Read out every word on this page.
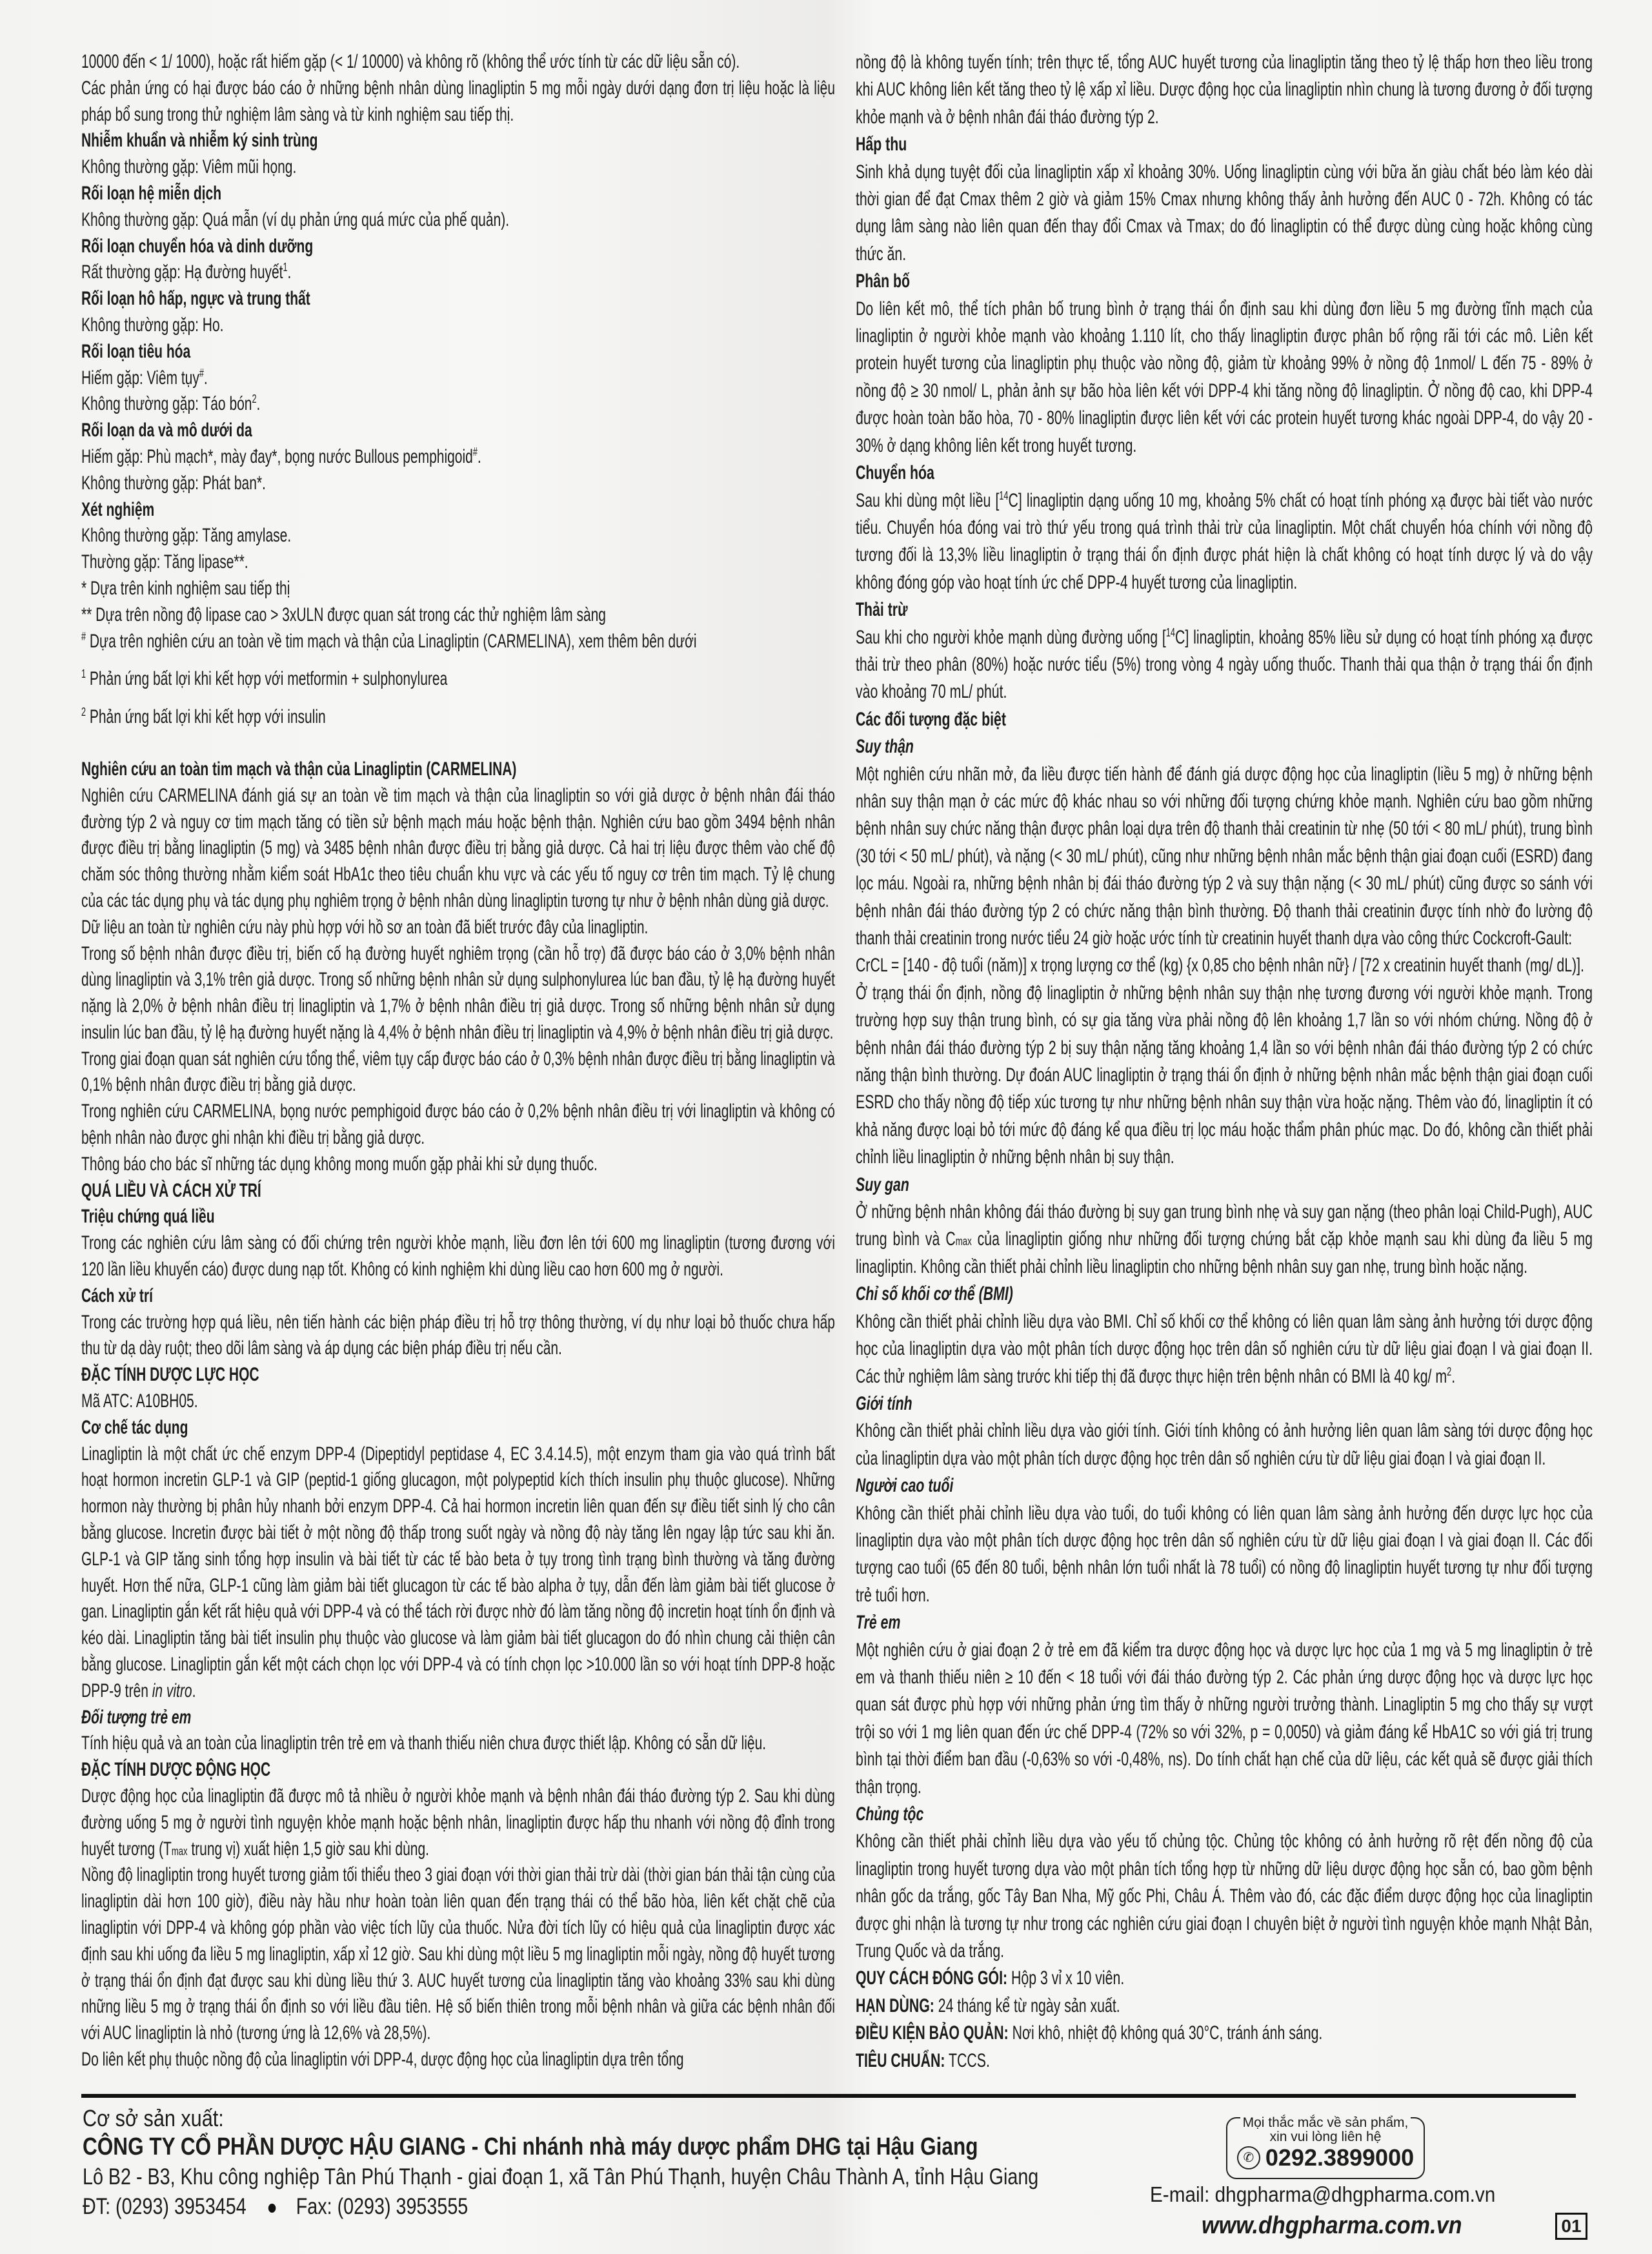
10000 đến < 1/ 1000), hoặc rất hiếm gặp (< 1/ 10000) và không rõ (không thể ước tính từ các dữ liệu sẵn có).

Các phản ứng có hại được báo cáo ở những bệnh nhân dùng linagliptin 5 mg mỗi ngày dưới dạng đơn trị liệu hoặc là liệu pháp bổ sung trong thử nghiệm lâm sàng và từ kinh nghiệm sau tiếp thị.

Nhiễm khuẩn và nhiễm ký sinh trùng

Không thường gặp: Viêm mũi họng.

Rối loạn hệ miễn dịch

Không thường gặp: Quá mẫn (ví dụ phản ứng quá mức của phế quản).

Rối loạn chuyển hóa và dinh dưỡng

Rất thường gặp: Hạ đường huyết$^1$.

Rối loạn hô hấp, ngực và trung thất

Không thường gặp: Ho.

Rối loạn tiêu hóa

Hiếm gặp: Viêm tụy#.

Không thường gặp: Táo bón$^2$.

Rối loạn da và mô dưới da

Hiếm gặp: Phù mạch*, mày đay*, bọng nước Bullous pemphigoid#.

Không thường gặp: Phát ban*.

Xét nghiệm

Không thường gặp: Tăng amylase.

Thường gặp: Tăng lipase**.

* Dựa trên kinh nghiệm sau tiếp thị

** Dựa trên nồng độ lipase cao > 3xULN được quan sát trong các thử nghiệm lâm sàng

# Dựa trên nghiên cứu an toàn về tim mạch và thận của Linagliptin (CARMELINA), xem thêm bên dưới

$^1$ Phản ứng bất lợi khi kết hợp với metformin + sulphonylurea

$^2$ Phản ứng bất lợi khi kết hợp với insulin

Nghiên cứu an toàn tim mạch và thận của Linagliptin (CARMELINA)

Nghiên cứu CARMELINA đánh giá sự an toàn về tim mạch và thận của linagliptin so với giả dược ở bệnh nhân đái tháo đường týp 2 và nguy cơ tim mạch tăng có tiền sử bệnh mạch máu hoặc bệnh thận. Nghiên cứu bao gồm 3494 bệnh nhân được điều trị bằng linagliptin (5 mg) và 3485 bệnh nhân được điều trị bằng giả dược. Cả hai trị liệu được thêm vào chế độ chăm sóc thông thường nhằm kiểm soát HbA1c theo tiêu chuẩn khu vực và các yếu tố nguy cơ trên tim mạch. Tỷ lệ chung của các tác dụng phụ và tác dụng phụ nghiêm trọng ở bệnh nhân dùng linagliptin tương tự như ở bệnh nhân dùng giả dược.

Dữ liệu an toàn từ nghiên cứu này phù hợp với hồ sơ an toàn đã biết trước đây của linagliptin.

Trong số bệnh nhân được điều trị, biến cố hạ đường huyết nghiêm trọng (cần hỗ trợ) đã được báo cáo ở 3,0% bệnh nhân dùng linagliptin và 3,1% trên giả dược. Trong số những bệnh nhân sử dụng sulphonylurea lúc ban đầu, tỷ lệ hạ đường huyết nặng là 2,0% ở bệnh nhân điều trị linagliptin và 1,7% ở bệnh nhân điều trị giả dược. Trong số những bệnh nhân sử dụng insulin lúc ban đầu, tỷ lệ hạ đường huyết nặng là 4,4% ở bệnh nhân điều trị linagliptin và 4,9% ở bệnh nhân điều trị giả dược.

Trong giai đoạn quan sát nghiên cứu tổng thể, viêm tụy cấp được báo cáo ở 0,3% bệnh nhân được điều trị bằng linagliptin và 0,1% bệnh nhân được điều trị bằng giả dược.

Trong nghiên cứu CARMELINA, bọng nước pemphigoid được báo cáo ở 0,2% bệnh nhân điều trị với linagliptin và không có bệnh nhân nào được ghi nhận khi điều trị bằng giả dược.

Thông báo cho bác sĩ những tác dụng không mong muốn gặp phải khi sử dụng thuốc.

QUÁ LIỀU VÀ CÁCH XỬ TRÍ

Triệu chứng quá liều

Trong các nghiên cứu lâm sàng có đối chứng trên người khỏe mạnh, liều đơn lên tới 600 mg linagliptin (tương đương với 120 lần liều khuyến cáo) được dung nạp tốt. Không có kinh nghiệm khi dùng liều cao hơn 600 mg ở người.

Cách xử trí

Trong các trường hợp quá liều, nên tiến hành các biện pháp điều trị hỗ trợ thông thường, ví dụ như loại bỏ thuốc chưa hấp thu từ dạ dày ruột; theo dõi lâm sàng và áp dụng các biện pháp điều trị nếu cần.

ĐẶC TÍNH DƯỢC LỰC HỌC

Mã ATC: A10BH05.

Cơ chế tác dụng

Linagliptin là một chất ức chế enzym DPP-4 (Dipeptidyl peptidase 4, EC 3.4.14.5), một enzym tham gia vào quá trình bất hoạt hormon incretin GLP-1 và GIP (peptid-1 giống glucagon, một polypeptid kích thích insulin phụ thuộc glucose). Những hormon này thường bị phân hủy nhanh bởi enzym DPP-4. Cả hai hormon incretin liên quan đến sự điều tiết sinh lý cho cân bằng glucose. Incretin được bài tiết ở một nồng độ thấp trong suốt ngày và nồng độ này tăng lên ngay lập tức sau khi ăn. GLP-1 và GIP tăng sinh tổng hợp insulin và bài tiết từ các tế bào beta ở tụy trong tình trạng bình thường và tăng đường huyết. Hơn thế nữa, GLP-1 cũng làm giảm bài tiết glucagon từ các tế bào alpha ở tụy, dẫn đến làm giảm bài tiết glucose ở gan. Linagliptin gắn kết rất hiệu quả với DPP-4 và có thể tách rời được nhờ đó làm tăng nồng độ incretin hoạt tính ổn định và kéo dài. Linagliptin tăng bài tiết insulin phụ thuộc vào glucose và làm giảm bài tiết glucagon do đó nhìn chung cải thiện cân bằng glucose. Linagliptin gắn kết một cách chọn lọc với DPP-4 và có tính chọn lọc >10.000 lần so với hoạt tính DPP-8 hoặc DPP-9 trên in vitro.

Đối tượng trẻ em

Tính hiệu quả và an toàn của linagliptin trên trẻ em và thanh thiếu niên chưa được thiết lập. Không có sẵn dữ liệu.

ĐẶC TÍNH DƯỢC ĐỘNG HỌC

Dược động học của linagliptin đã được mô tả nhiều ở người khỏe mạnh và bệnh nhân đái tháo đường týp 2. Sau khi dùng đường uống 5 mg ở người tình nguyện khỏe mạnh hoặc bệnh nhân, linagliptin được hấp thu nhanh với nồng độ đỉnh trong huyết tương (Tmax trung vị) xuất hiện 1,5 giờ sau khi dùng.

Nồng độ linagliptin trong huyết tương giảm tối thiểu theo 3 giai đoạn với thời gian thải trừ dài (thời gian bán thải tận cùng của linagliptin dài hơn 100 giờ), điều này hầu như hoàn toàn liên quan đến trạng thái có thể bão hòa, liên kết chặt chẽ của linagliptin với DPP-4 và không góp phần vào việc tích lũy của thuốc. Nửa đời tích lũy có hiệu quả của linagliptin được xác định sau khi uống đa liều 5 mg linagliptin, xấp xỉ 12 giờ. Sau khi dùng một liều 5 mg linagliptin mỗi ngày, nồng độ huyết tương ở trạng thái ổn định đạt được sau khi dùng liều thứ 3. AUC huyết tương của linagliptin tăng vào khoảng 33% sau khi dùng những liều 5 mg ở trạng thái ổn định so với liều đầu tiên. Hệ số biến thiên trong mỗi bệnh nhân và giữa các bệnh nhân đối với AUC linagliptin là nhỏ (tương ứng là 12,6% và 28,5%).

Do liên kết phụ thuộc nồng độ của linagliptin với DPP-4, dược động học của linagliptin dựa trên tổng

nồng độ là không tuyến tính; trên thực tế, tổng AUC huyết tương của linagliptin tăng theo tỷ lệ thấp hơn theo liều trong khi AUC không liên kết tăng theo tỷ lệ xấp xỉ liều. Dược động học của linagliptin nhìn chung là tương đương ở đối tượng khỏe mạnh và ở bệnh nhân đái tháo đường týp 2.

Hấp thu

Sinh khả dụng tuyệt đối của linagliptin xấp xỉ khoảng 30%. Uống linagliptin cùng với bữa ăn giàu chất béo làm kéo dài thời gian để đạt Cmax thêm 2 giờ và giảm 15% Cmax nhưng không thấy ảnh hưởng đến AUC 0 - 72h. Không có tác dụng lâm sàng nào liên quan đến thay đổi Cmax và Tmax; do đó linagliptin có thể được dùng cùng hoặc không cùng thức ăn.

Phân bố

Do liên kết mô, thể tích phân bố trung bình ở trạng thái ổn định sau khi dùng đơn liều 5 mg đường tĩnh mạch của linagliptin ở người khỏe mạnh vào khoảng 1.110 lít, cho thấy linagliptin được phân bố rộng rãi tới các mô. Liên kết protein huyết tương của linagliptin phụ thuộc vào nồng độ, giảm từ khoảng 99% ở nồng độ 1nmol/ L đến 75 - 89% ở nồng độ ≥ 30 nmol/ L, phản ảnh sự bão hòa liên kết với DPP-4 khi tăng nồng độ linagliptin. Ở nồng độ cao, khi DPP-4 được hoàn toàn bão hòa, 70 - 80% linagliptin được liên kết với các protein huyết tương khác ngoài DPP-4, do vậy 20 - 30% ở dạng không liên kết trong huyết tương.

Chuyển hóa

Sau khi dùng một liều [$^{14}$C] linagliptin dạng uống 10 mg, khoảng 5% chất có hoạt tính phóng xạ được bài tiết vào nước tiểu. Chuyển hóa đóng vai trò thứ yếu trong quá trình thải trừ của linagliptin. Một chất chuyển hóa chính với nồng độ tương đối là 13,3% liều linagliptin ở trạng thái ổn định được phát hiện là chất không có hoạt tính dược lý và do vậy không đóng góp vào hoạt tính ức chế DPP-4 huyết tương của linagliptin.

Thải trừ

Sau khi cho người khỏe mạnh dùng đường uống [$^{14}$C] linagliptin, khoảng 85% liều sử dụng có hoạt tính phóng xạ được thải trừ theo phân (80%) hoặc nước tiểu (5%) trong vòng 4 ngày uống thuốc. Thanh thải qua thận ở trạng thái ổn định vào khoảng 70 mL/ phút.

Các đối tượng đặc biệt

Suy thận

Một nghiên cứu nhãn mở, đa liều được tiến hành để đánh giá dược động học của linagliptin (liều 5 mg) ở những bệnh nhân suy thận mạn ở các mức độ khác nhau so với những đối tượng chứng khỏe mạnh. Nghiên cứu bao gồm những bệnh nhân suy chức năng thận được phân loại dựa trên độ thanh thải creatinin từ nhẹ (50 tới < 80 mL/ phút), trung bình (30 tới < 50 mL/ phút), và nặng (< 30 mL/ phút), cũng như những bệnh nhân mắc bệnh thận giai đoạn cuối (ESRD) đang lọc máu. Ngoài ra, những bệnh nhân bị đái tháo đường týp 2 và suy thận nặng (< 30 mL/ phút) cũng được so sánh với bệnh nhân đái tháo đường týp 2 có chức năng thận bình thường. Độ thanh thải creatinin được tính nhờ đo lường độ thanh thải creatinin trong nước tiểu 24 giờ hoặc ước tính từ creatinin huyết thanh dựa vào công thức Cockcroft-Gault:

CrCL = [140 - độ tuổi (năm)] x trọng lượng cơ thể (kg) {x 0,85 cho bệnh nhân nữ} / [72 x creatinin huyết thanh (mg/ dL)].

Ở trạng thái ổn định, nồng độ linagliptin ở những bệnh nhân suy thận nhẹ tương đương với người khỏe mạnh. Trong trường hợp suy thận trung bình, có sự gia tăng vừa phải nồng độ lên khoảng 1,7 lần so với nhóm chứng. Nồng độ ở bệnh nhân đái tháo đường týp 2 bị suy thận nặng tăng khoảng 1,4 lần so với bệnh nhân đái tháo đường týp 2 có chức năng thận bình thường. Dự đoán AUC linagliptin ở trạng thái ổn định ở những bệnh nhân mắc bệnh thận giai đoạn cuối ESRD cho thấy nồng độ tiếp xúc tương tự như những bệnh nhân suy thận vừa hoặc nặng. Thêm vào đó, linagliptin ít có khả năng được loại bỏ tới mức độ đáng kể qua điều trị lọc máu hoặc thẩm phân phúc mạc. Do đó, không cần thiết phải chỉnh liều linagliptin ở những bệnh nhân bị suy thận.

Suy gan

Ở những bệnh nhân không đái tháo đường bị suy gan trung bình nhẹ và suy gan nặng (theo phân loại Child-Pugh), AUC trung bình và Cmax của linagliptin giống như những đối tượng chứng bắt cặp khỏe mạnh sau khi dùng đa liều 5 mg linagliptin. Không cần thiết phải chỉnh liều linagliptin cho những bệnh nhân suy gan nhẹ, trung bình hoặc nặng.

Chỉ số khối cơ thể (BMI)

Không cần thiết phải chỉnh liều dựa vào BMI. Chỉ số khối cơ thể không có liên quan lâm sàng ảnh hưởng tới dược động học của linagliptin dựa vào một phân tích dược động học trên dân số nghiên cứu từ dữ liệu giai đoạn I và giai đoạn II. Các thử nghiệm lâm sàng trước khi tiếp thị đã được thực hiện trên bệnh nhân có BMI là 40 kg/ $m^2$.

Giới tính

Không cần thiết phải chỉnh liều dựa vào giới tính. Giới tính không có ảnh hưởng liên quan lâm sàng tới dược động học của linagliptin dựa vào một phân tích dược động học trên dân số nghiên cứu từ dữ liệu giai đoạn I và giai đoạn II.

Người cao tuổi

Không cần thiết phải chỉnh liều dựa vào tuổi, do tuổi không có liên quan lâm sàng ảnh hưởng đến dược lực học của linagliptin dựa vào một phân tích dược động học trên dân số nghiên cứu từ dữ liệu giai đoạn I và giai đoạn II. Các đối tượng cao tuổi (65 đến 80 tuổi, bệnh nhân lớn tuổi nhất là 78 tuổi) có nồng độ linagliptin huyết tương tự như đối tượng trẻ tuổi hơn.

Trẻ em

Một nghiên cứu ở giai đoạn 2 ở trẻ em đã kiểm tra dược động học và dược lực học của 1 mg và 5 mg linagliptin ở trẻ em và thanh thiếu niên ≥ 10 đến < 18 tuổi với đái tháo đường týp 2. Các phản ứng dược động học và dược lực học quan sát được phù hợp với những phản ứng tìm thấy ở những người trưởng thành. Linagliptin 5 mg cho thấy sự vượt trội so với 1 mg liên quan đến ức chế DPP-4 (72% so với 32%, p = 0,0050) và giảm đáng kể HbA1C so với giá trị trung bình tại thời điểm ban đầu (-0,63% so với -0,48%, ns). Do tính chất hạn chế của dữ liệu, các kết quả sẽ được giải thích thận trọng.

Chủng tộc

Không cần thiết phải chỉnh liều dựa vào yếu tố chủng tộc. Chủng tộc không có ảnh hưởng rõ rệt đến nồng độ của linagliptin trong huyết tương dựa vào một phân tích tổng hợp từ những dữ liệu dược động học sẵn có, bao gồm bệnh nhân gốc da trắng, gốc Tây Ban Nha, Mỹ gốc Phi, Châu Á. Thêm vào đó, các đặc điểm dược động học của linagliptin được ghi nhận là tương tự như trong các nghiên cứu giai đoạn I chuyên biệt ở người tình nguyện khỏe mạnh Nhật Bản, Trung Quốc và da trắng.

QUY CÁCH ĐÓNG GÓI: Hộp 3 vỉ x 10 viên.

HẠN DÙNG: 24 tháng kể từ ngày sản xuất.

ĐIỀU KIỆN BẢO QUẢN: Nơi khô, nhiệt độ không quá 30°C, tránh ánh sáng.

TIÊU CHUẨN: TCCS.

Cơ sở sản xuất:
CÔNG TY CỔ PHẦN DƯỢC HẬU GIANG - Chi nhánh nhà máy dược phẩm DHG tại Hậu Giang
Lô B2 - B3, Khu công nghiệp Tân Phú Thạnh - giai đoạn 1, xã Tân Phú Thạnh, huyện Châu Thành A, tỉnh Hậu Giang
ĐT: (0293) 3953454 Fax: (0293) 3953555
Mọi thắc mắc về sản phẩm,
xin vui lòng liên hệ
✆ 0292.3899000
E-mail: dhgpharma@dhgpharma.com.vn
www.dhgpharma.com.vn	01
